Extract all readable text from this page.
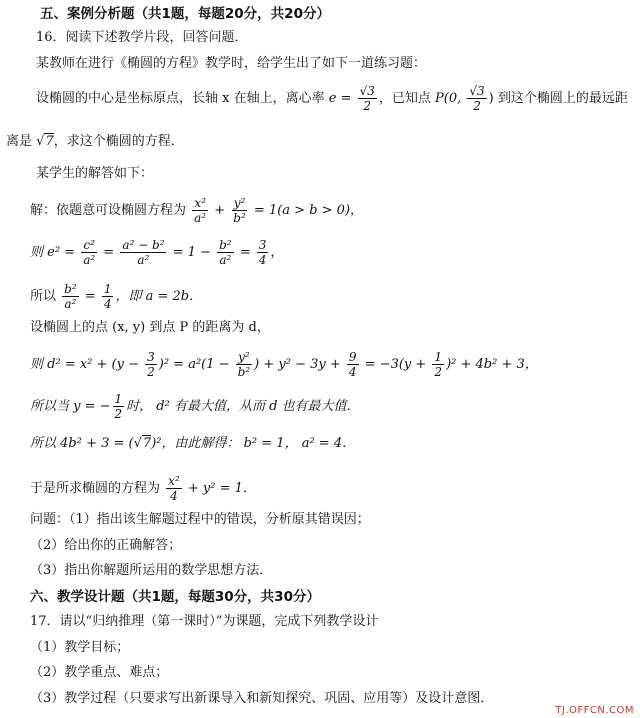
五、案例分析题（共1题，每题20分，共20分）
16．阅读下述教学片段，回答问题．
某教师在进行《椭圆的方程》教学时，给学生出了如下一道练习题：
设椭圆的中心是坐标原点，长轴 x 在轴上，离心率 $e = \frac{√3}{2}$ ，已知点 P(0, $\frac{√3}{2}$ ) 到这个椭圆上的最远距
离是 √7，求这个椭圆的方程．
某学生的解答如下：
解：依题意可设椭圆方程为 $\frac{\text{x²}}{\text{a²}} + \frac{\text{y²}}{\text{b²}} = 1(a > b > 0)$，
则 $e^2 = \frac{\text{c²}}{\text{a²}} = \frac{\text{a² − b²}}{\text{a²}} = 1 - \frac{\text{b²}}{\text{a²}} = \frac{3}{4}$ ，
所以 $\frac{\text{b²}}{\text{a²}} = \frac{1}{4}$ ，即 a = 2b．
设椭圆上的点 (x, y) 到点 P 的距离为 d，
则 $d^2 = x^2 + (y - \frac{3}{2} )^2 = a^2(1 - \frac{\text{y²}}{\text{b²}}$ ) + $y^2 - 3y + \frac{9}{4} = -3(y + \frac{1}{2} )^2 + 4b^2 + 3$，
所以当 y = − $\frac{1}{2}$ 时， d² 有最大值，从而 d 也有最大值．
所以 4b² + 3 = (√7)²，由此解得： b² = 1， a² = 4．
于是所求椭圆的方程为 $\frac{\text{x²}}{4} + y^2 = 1$．
问题：（1）指出该生解题过程中的错误，分析原其错误因；
（2）给出你的正确解答；
（3）指出你解题所运用的数学思想方法．
六、教学设计题（共1题，每题30分，共30分）
17．请以“归纳推理（第一课时）”为课题，完成下列教学设计
（1）教学目标；
（2）教学重点、难点；
（3）教学过程（只要求写出新课导入和新知探究、巩固、应用等）及设计意图．
TJ.OFFCN.COM
